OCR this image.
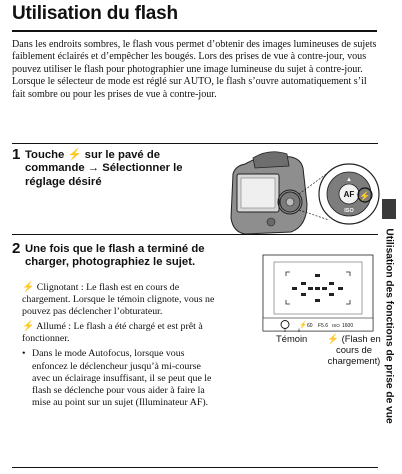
Utilisation du flash

Dans les endroits sombres, le flash vous permet d’obtenir des images lumineuses de sujets faiblement éclairés et d’empêcher les bougés. Lors des prises de vue à contre-jour, vous pouvez utiliser le flash pour photographier une image lumineuse du sujet à contre-jour.

Lorsque le sélecteur de mode est réglé sur AUTO, le flash s’ouvre automatiquement s’il fait sombre ou pour les prises de vue à contre-jour.

1 Touche ⚡ sur le pavé de
commande → Sélectionner le
réglage désiré
AF
▲
⚡
ISO
Utilisation des fonctions de prise de vue
2 Une fois que le flash a terminé de
charger, photographiez le sujet.

⚡ Clignotant : Le flash est en cours de chargement. Lorsque le témoin clignote, vous ne pouvez pas déclencher l’obturateur.

⚡ Allumé : Le flash a été chargé et est prêt à fonctionner.

• Dans le mode Autofocus, lorsque vous enfoncez le déclencheur jusqu’à mi-course avec un éclairage insuffisant, il se peut que le flash se déclenche pour vous aider à faire la mise au point sur un sujet (Illuminateur AF).
⚡ 60 F5.6 ISO 1600
Témoin	⚡ (Flash en
cours de chargement)
